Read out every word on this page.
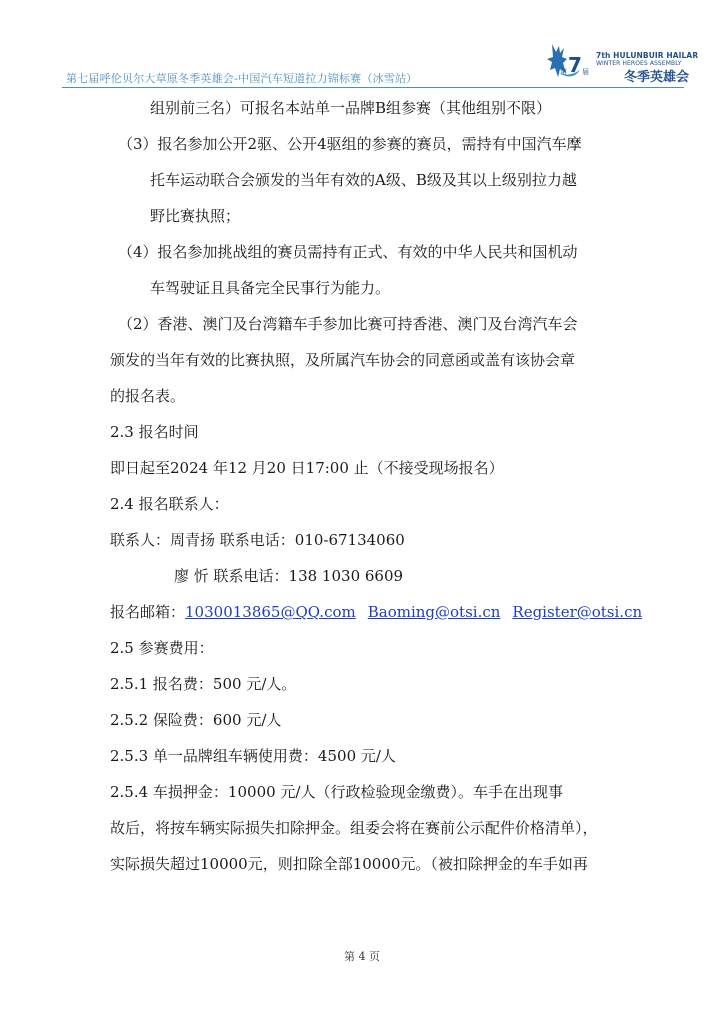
第七届呼伦贝尔大草原冬季英雄会-中国汽车短道拉力锦标赛（冰雪站）
7
第 届
7th HULUNBUIR HAILAR
WINTER HEROES ASSEMBLY
冬季英雄会
组别前三名）可报名本站单一品牌B组参赛（其他组别不限）
（3）报名参加公开2驱、公开4驱组的参赛的赛员，需持有中国汽车摩
托车运动联合会颁发的当年有效的A级、B级及其以上级别拉力越
野比赛执照；
（4）报名参加挑战组的赛员需持有正式、有效的中华人民共和国机动
车驾驶证且具备完全民事行为能力。
（2）香港、澳门及台湾籍车手参加比赛可持香港、澳门及台湾汽车会
颁发的当年有效的比赛执照，及所属汽车协会的同意函或盖有该协会章
的报名表。
2.3 报名时间
即日起至2024 年12 月20 日17:00 止（不接受现场报名）
2.4 报名联系人：
联系人：周青扬 联系电话：010-67134060
廖 忻 联系电话：138 1030 6609
报名邮箱：1030013865@QQ.com Baoming@otsi.cn Register@otsi.cn
2.5 参赛费用：
2.5.1 报名费：500 元/人。
2.5.2 保险费：600 元/人
2.5.3 单一品牌组车辆使用费：4500 元/人
2.5.4 车损押金：10000 元/人（行政检验现金缴费）。车手在出现事
故后，将按车辆实际损失扣除押金。组委会将在赛前公示配件价格清单），
实际损失超过10000元，则扣除全部10000元。（被扣除押金的车手如再
第 4 页
